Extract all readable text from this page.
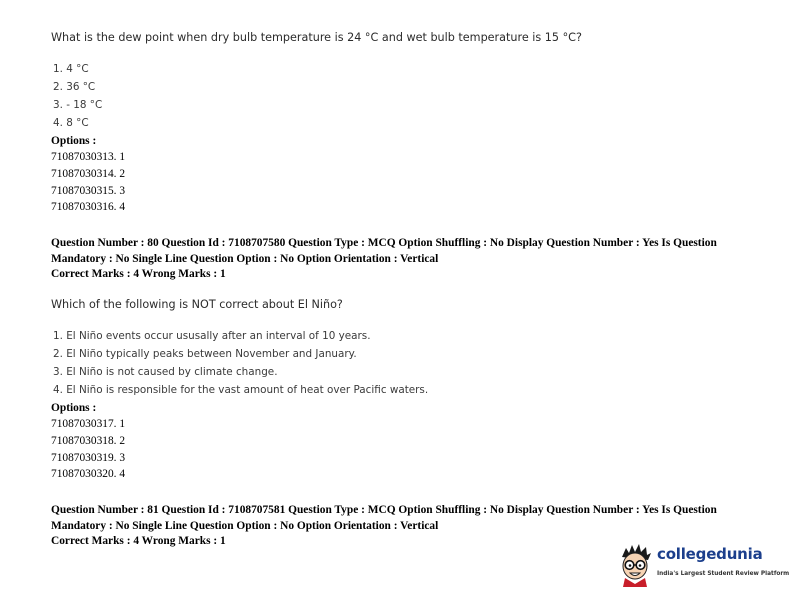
What is the dew point when dry bulb temperature is 24 °C and wet bulb temperature is 15 °C?
1. 4 °C
2. 36 °C
3. - 18 °C
4. 8 °C
Options :
71087030313. 1
71087030314. 2
71087030315. 3
71087030316. 4
Question Number : 80 Question Id : 7108707580 Question Type : MCQ Option Shuffling : No Display Question Number : Yes Is Question Mandatory : No Single Line Question Option : No Option Orientation : Vertical
Correct Marks : 4 Wrong Marks : 1
Which of the following is NOT correct about El Niño?
1. El Niño events occur ususally after an interval of 10 years.
2. El Niño typically peaks between November and January.
3. El Niño is not caused by climate change.
4. El Niño is responsible for the vast amount of heat over Pacific waters.
Options :
71087030317. 1
71087030318. 2
71087030319. 3
71087030320. 4
Question Number : 81 Question Id : 7108707581 Question Type : MCQ Option Shuffling : No Display Question Number : Yes Is Question Mandatory : No Single Line Question Option : No Option Orientation : Vertical
Correct Marks : 4 Wrong Marks : 1
collegedunia
India's Largest Student Review Platform
